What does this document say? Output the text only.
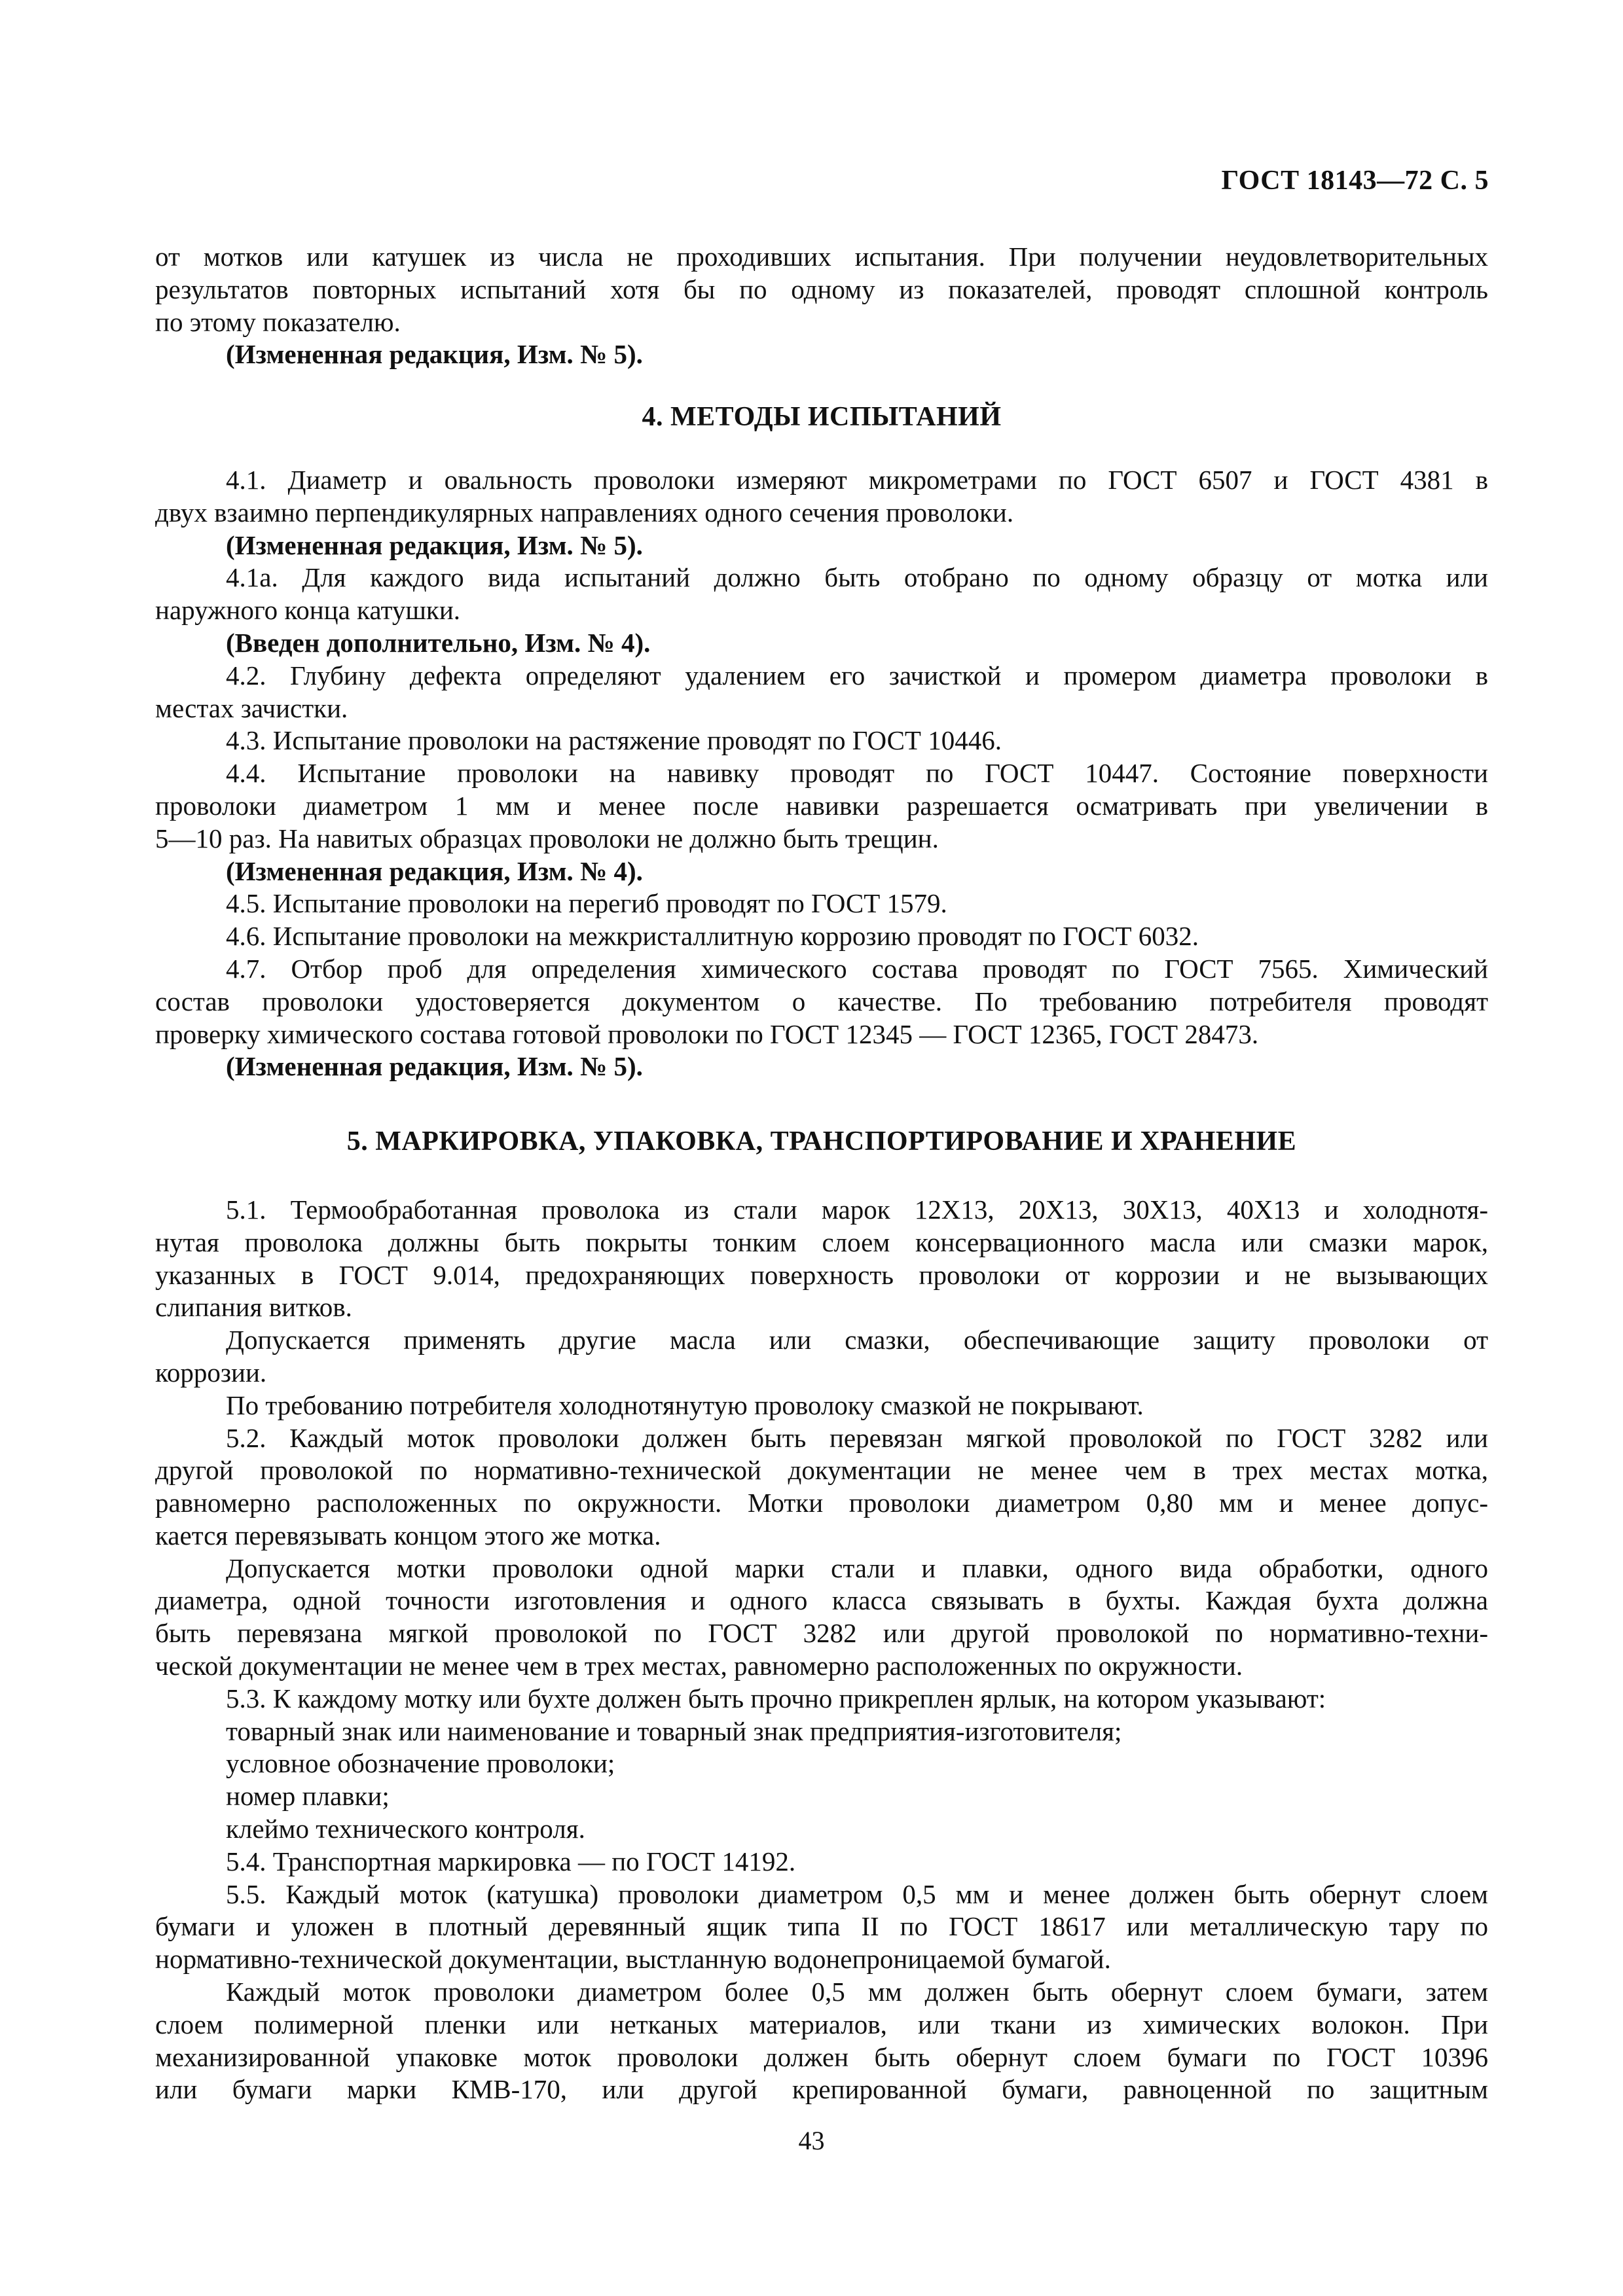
ГОСТ 18143—72 С. 5
от мотков или катушек из числа не проходивших испытания. При получении неудовлетворительных
результатов повторных испытаний хотя бы по одному из показателей, проводят сплошной контроль
по этому показателю.
(Измененная редакция, Изм. № 5).
4. МЕТОДЫ ИСПЫТАНИЙ
4.1. Диаметр и овальность проволоки измеряют микрометрами по ГОСТ 6507 и ГОСТ 4381 в
двух взаимно перпендикулярных направлениях одного сечения проволоки.
(Измененная редакция, Изм. № 5).
4.1а. Для каждого вида испытаний должно быть отобрано по одному образцу от мотка или
наружного конца катушки.
(Введен дополнительно, Изм. № 4).
4.2. Глубину дефекта определяют удалением его зачисткой и промером диаметра проволоки в
местах зачистки.
4.3. Испытание проволоки на растяжение проводят по ГОСТ 10446.
4.4. Испытание проволоки на навивку проводят по ГОСТ 10447. Состояние поверхности
проволоки диаметром 1 мм и менее после навивки разрешается осматривать при увеличении в
5—10 раз. На навитых образцах проволоки не должно быть трещин.
(Измененная редакция, Изм. № 4).
4.5. Испытание проволоки на перегиб проводят по ГОСТ 1579.
4.6. Испытание проволоки на межкристаллитную коррозию проводят по ГОСТ 6032.
4.7. Отбор проб для определения химического состава проводят по ГОСТ 7565. Химический
состав проволоки удостоверяется документом о качестве. По требованию потребителя проводят
проверку химического состава готовой проволоки по ГОСТ 12345 — ГОСТ 12365, ГОСТ 28473.
(Измененная редакция, Изм. № 5).
5. МАРКИРОВКА, УПАКОВКА, ТРАНСПОРТИРОВАНИЕ И ХРАНЕНИЕ
5.1. Термообработанная проволока из стали марок 12Х13, 20Х13, 30Х13, 40Х13 и холоднотя-
нутая проволока должны быть покрыты тонким слоем консервационного масла или смазки марок,
указанных в ГОСТ 9.014, предохраняющих поверхность проволоки от коррозии и не вызывающих
слипания витков.
Допускается применять другие масла или смазки, обеспечивающие защиту проволоки от
коррозии.
По требованию потребителя холоднотянутую проволоку смазкой не покрывают.
5.2. Каждый моток проволоки должен быть перевязан мягкой проволокой по ГОСТ 3282 или
другой проволокой по нормативно-технической документации не менее чем в трех местах мотка,
равномерно расположенных по окружности. Мотки проволоки диаметром 0,80 мм и менее допус-
кается перевязывать концом этого же мотка.
Допускается мотки проволоки одной марки стали и плавки, одного вида обработки, одного
диаметра, одной точности изготовления и одного класса связывать в бухты. Каждая бухта должна
быть перевязана мягкой проволокой по ГОСТ 3282 или другой проволокой по нормативно-техни-
ческой документации не менее чем в трех местах, равномерно расположенных по окружности.
5.3. К каждому мотку или бухте должен быть прочно прикреплен ярлык, на котором указывают:
товарный знак или наименование и товарный знак предприятия-изготовителя;
условное обозначение проволоки;
номер плавки;
клеймо технического контроля.
5.4. Транспортная маркировка — по ГОСТ 14192.
5.5. Каждый моток (катушка) проволоки диаметром 0,5 мм и менее должен быть обернут слоем
бумаги и уложен в плотный деревянный ящик типа II по ГОСТ 18617 или металлическую тару по
нормативно-технической документации, выстланную водонепроницаемой бумагой.
Каждый моток проволоки диаметром более 0,5 мм должен быть обернут слоем бумаги, затем
слоем полимерной пленки или нетканых материалов, или ткани из химических волокон. При
механизированной упаковке моток проволоки должен быть обернут слоем бумаги по ГОСТ 10396
или бумаги марки КМВ-170, или другой крепированной бумаги, равноценной по защитным
43
